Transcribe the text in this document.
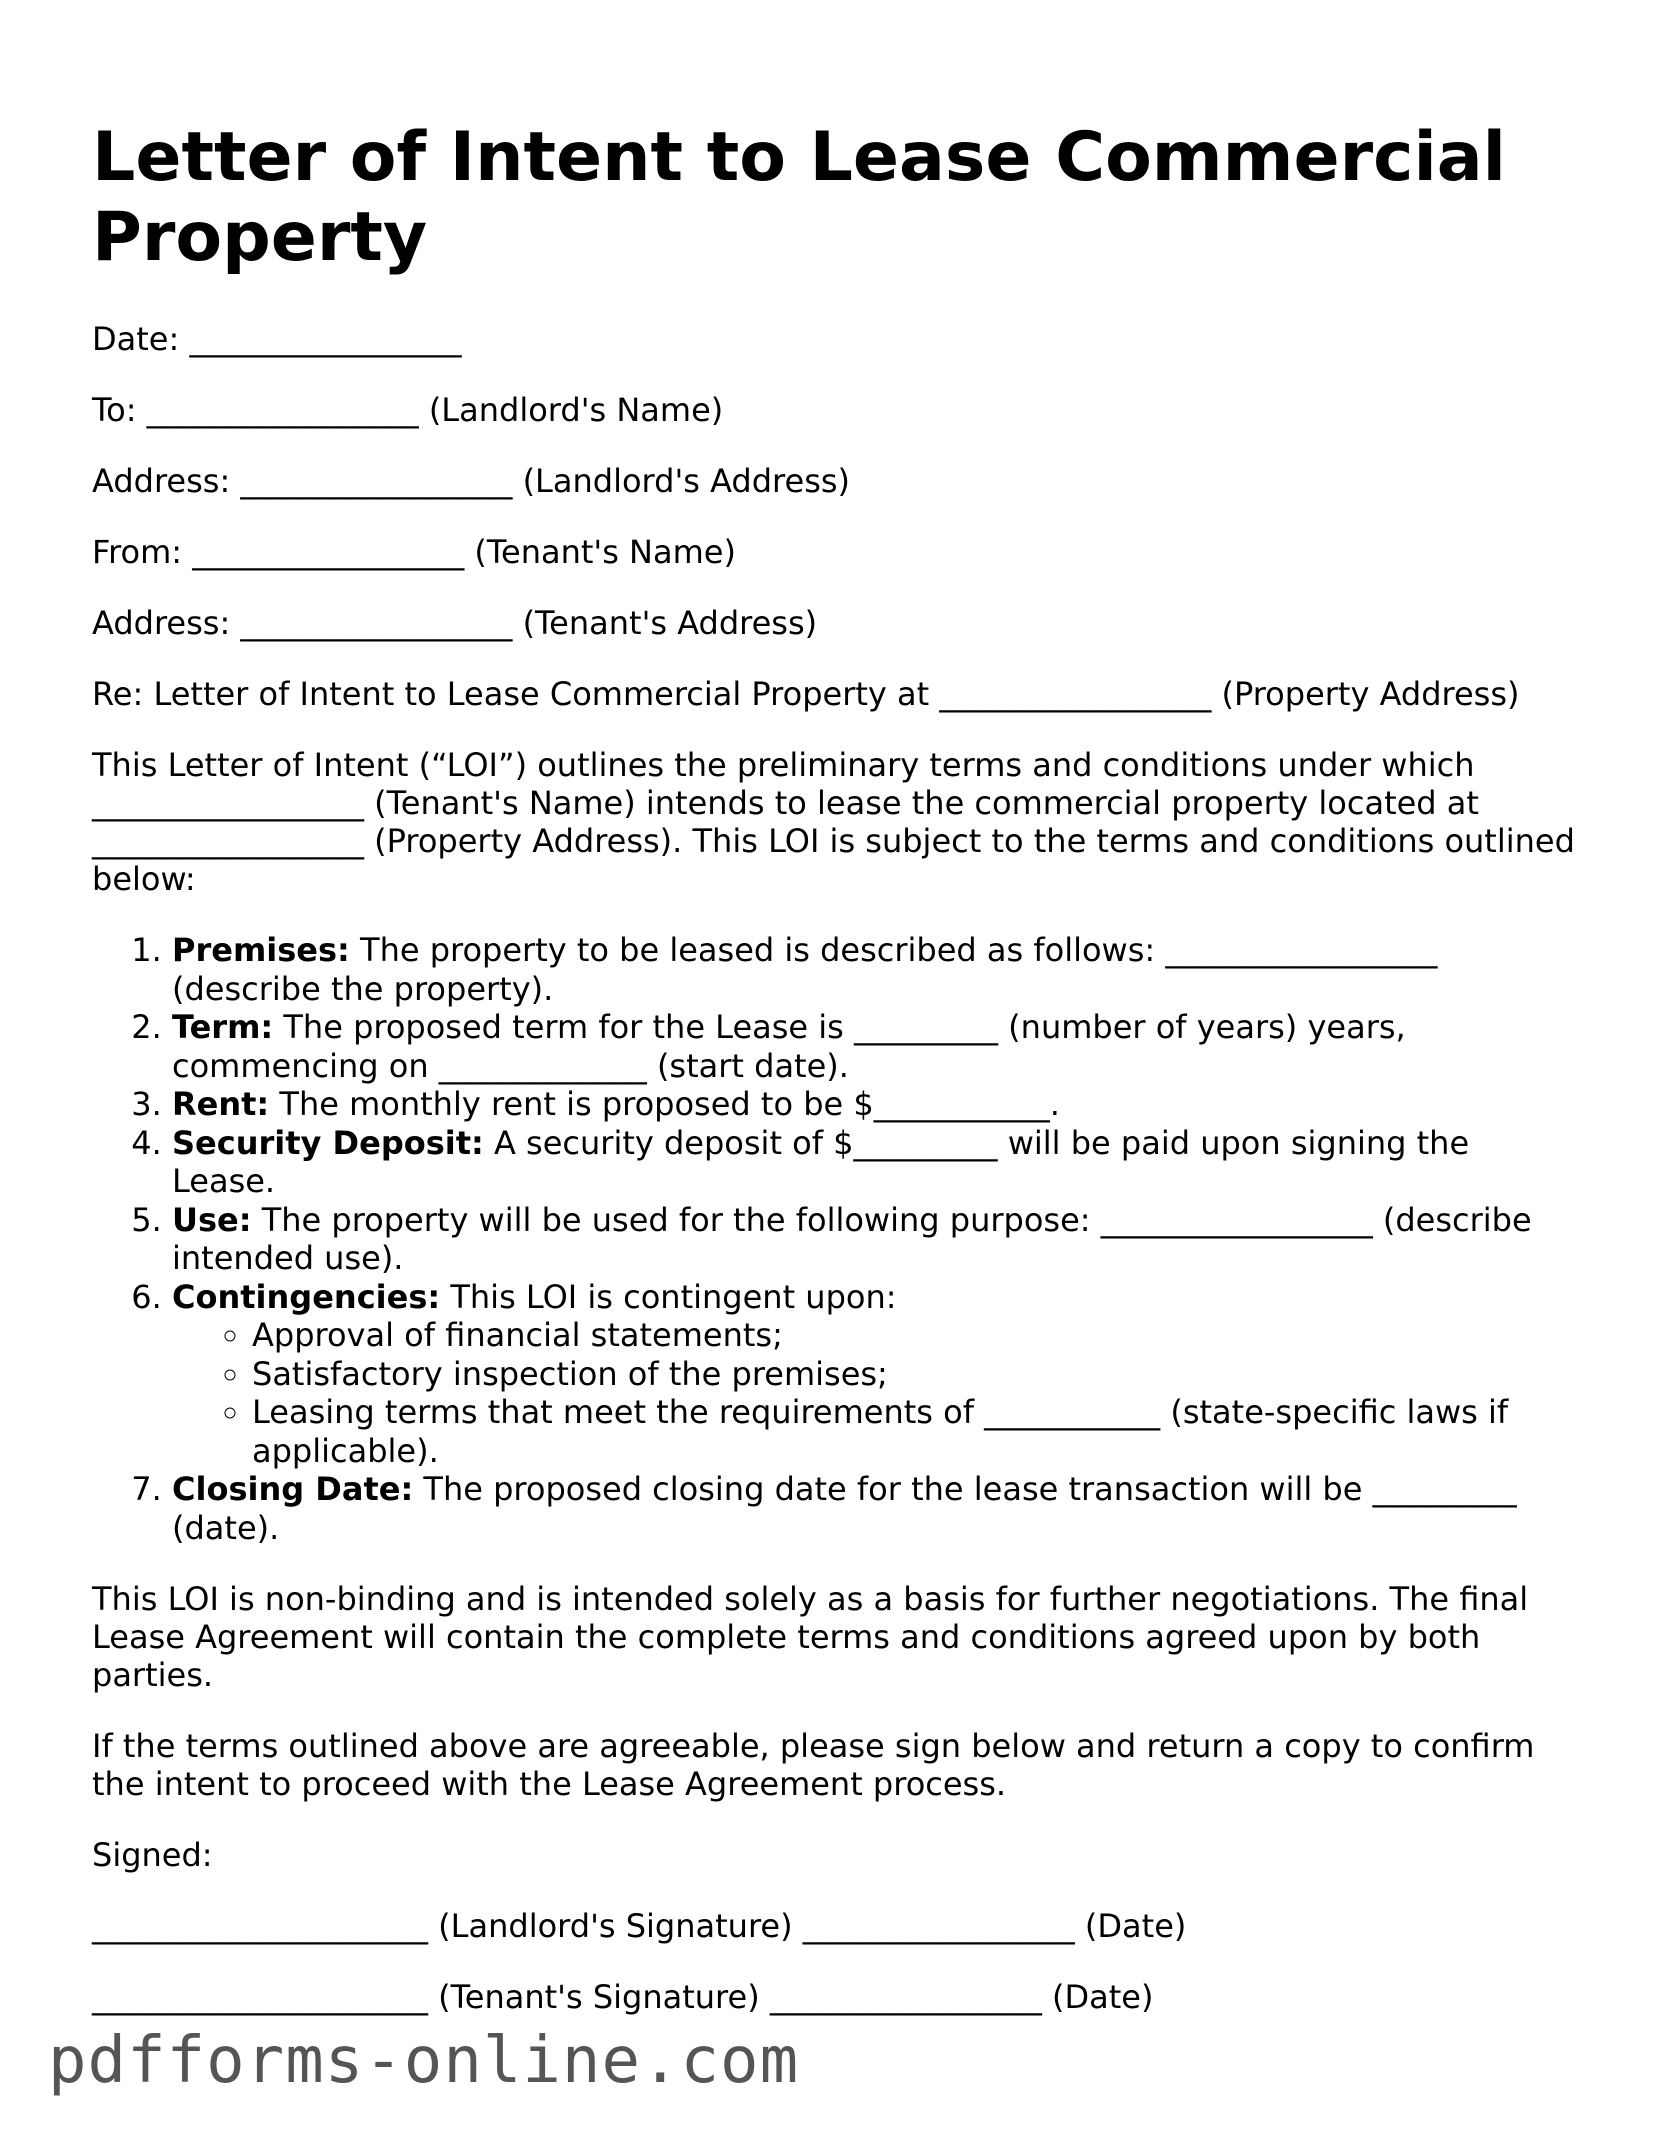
Letter of Intent to Lease Commercial Property

Date: _________________

To: _________________ (Landlord's Name)

Address: _________________ (Landlord's Address)

From: _________________ (Tenant's Name)

Address: _________________ (Tenant's Address)

Re: Letter of Intent to Lease Commercial Property at _________________ (Property Address)

This Letter of Intent (“LOI”) outlines the preliminary terms and conditions under which _________________ (Tenant's Name) intends to lease the commercial property located at _________________ (Property Address). This LOI is subject to the terms and conditions outlined below:

1. Premises: The property to be leased is described as follows: _________________ (describe the property).
2. Term: The proposed term for the Lease is _________ (number of years) years, commencing on _____________ (start date).
3. Rent: The monthly rent is proposed to be $___________.
4. Security Deposit: A security deposit of $_________ will be paid upon signing the Lease.
5. Use: The property will be used for the following purpose: _________________ (describe intended use).
6. Contingencies: This LOI is contingent upon:
◦ Approval of financial statements;
◦ Satisfactory inspection of the premises;
◦ Leasing terms that meet the requirements of ___________ (state-specific laws if applicable).
7. Closing Date: The proposed closing date for the lease transaction will be _________ (date).

This LOI is non-binding and is intended solely as a basis for further negotiations. The final Lease Agreement will contain the complete terms and conditions agreed upon by both parties.

If the terms outlined above are agreeable, please sign below and return a copy to confirm the intent to proceed with the Lease Agreement process.

Signed:

_____________________ (Landlord's Signature) _________________ (Date)

_____________________ (Tenant's Signature) _________________ (Date)

pdfforms-online.com
